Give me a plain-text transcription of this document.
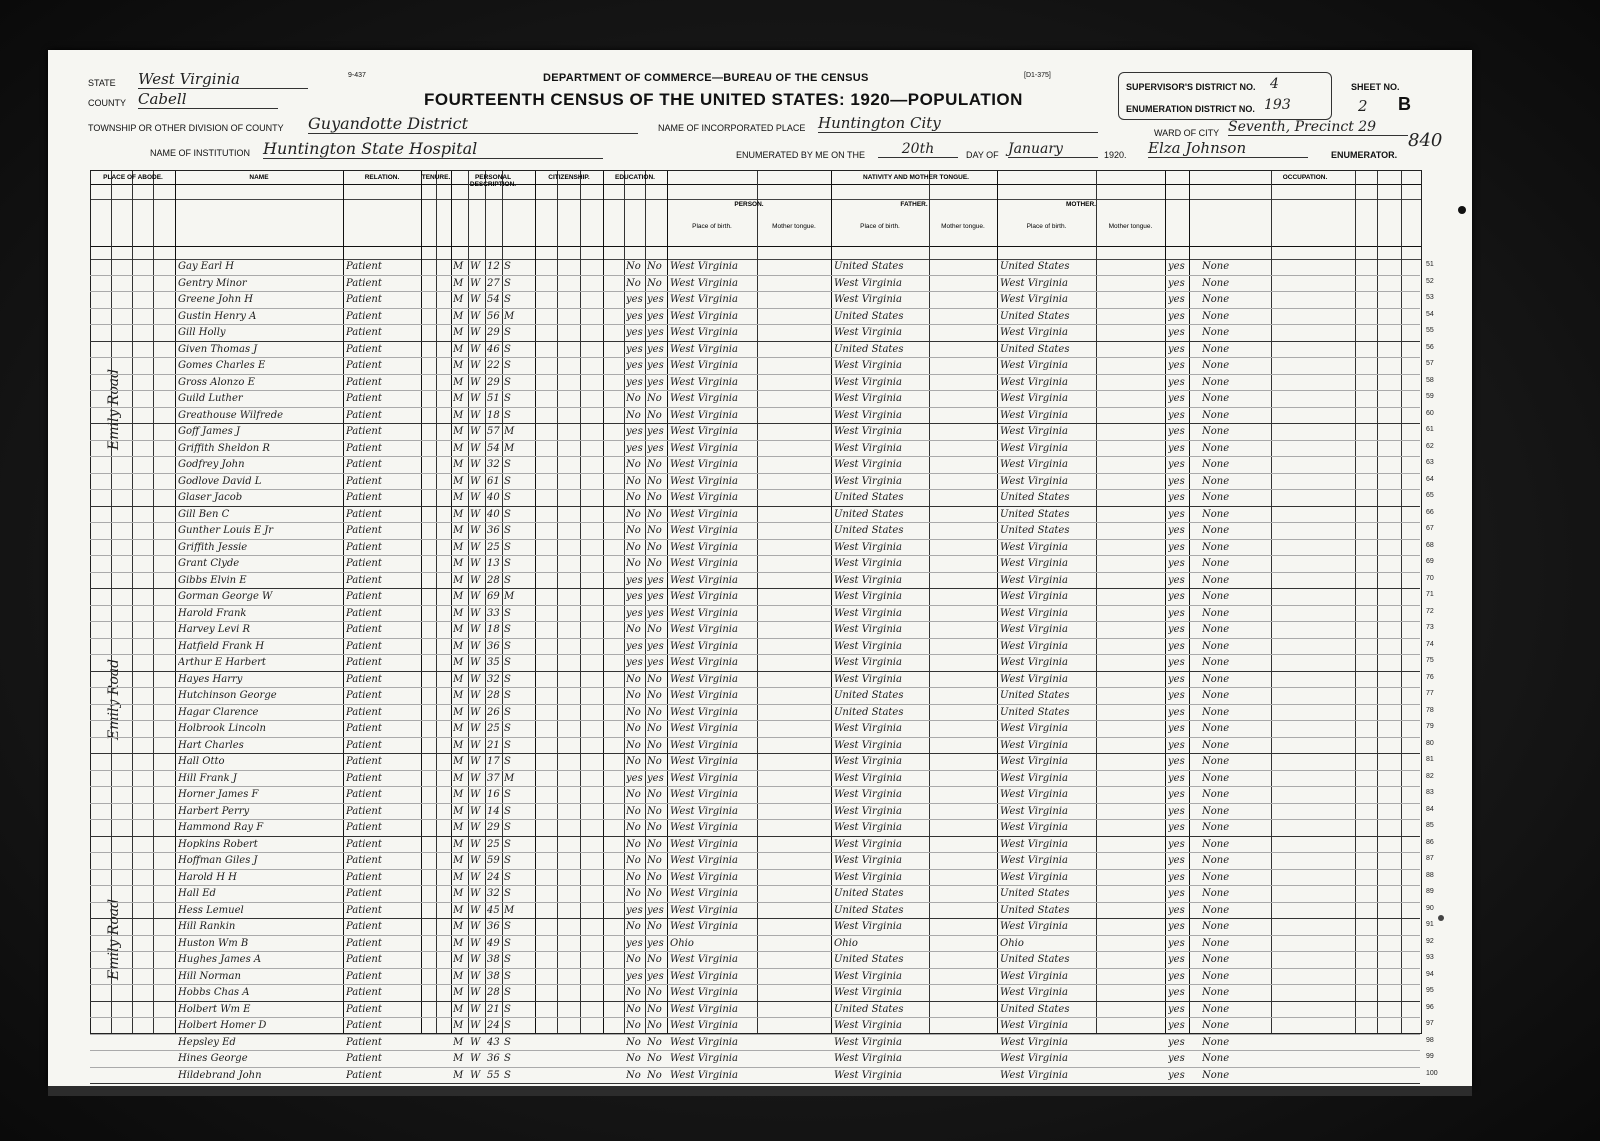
STATE West Virginia
COUNTY Cabell
TOWNSHIP OR OTHER DIVISION OF COUNTY Guyandotte District
NAME OF INSTITUTION Huntington State Hospital
9-437	DEPARTMENT OF COMMERCE—BUREAU OF THE CENSUS	[D1-375]
FOURTEENTH CENSUS OF THE UNITED STATES: 1920—POPULATION
NAME OF INCORPORATED PLACE Huntington City
ENUMERATED BY ME ON THE	20th	DAY OF January	1920. Elza Johnson	ENUMERATOR.
SUPERVISOR'S DISTRICT NO. 4
ENUMERATION DISTRICT NO. 193
SHEET NO.
2 B
WARD OF CITY Seventh, Precinct 29
840
PLACE OF ABODE.	NAME	RELATION.	TENURE.	PERSONAL DESCRIPTION.
CITIZENSHIP.	EDUCATION.	NATIVITY AND MOTHER TONGUE.
PERSON.	FATHER.	MOTHER.
Place of birth.	Mother tongue.	Place of birth.	Mother tongue.	Place of birth.	Mother tongue.
OCCUPATION.
Emily Road
Emily Road
Emily Road
51
Gay Earl H	Patient	M W 12 S	No No West Virginia	United States	United States	yes	None
52
Gentry Minor	Patient	M W 27 S	No No West Virginia	West Virginia	West Virginia	yes	None
53
Greene John H	Patient	M W 54 S	yes yes West Virginia	West Virginia	West Virginia	yes	None
54
Gustin Henry A	Patient	M W 56 M	yes yes West Virginia	United States	United States	yes	None
55
Gill Holly	Patient	M W 29 S	yes yes West Virginia	West Virginia	West Virginia	yes	None
56
Given Thomas J	Patient	M W 46 S	yes yes West Virginia	United States	United States	yes	None
57
Gomes Charles E	Patient	M W 22 S	yes yes West Virginia	West Virginia	West Virginia	yes	None
58
Gross Alonzo E	Patient	M W 29 S	yes yes West Virginia	West Virginia	West Virginia	yes	None
59
Guild Luther	Patient	M W 51 S	No No West Virginia	West Virginia	West Virginia	yes	None
60
Greathouse Wilfrede	Patient	M W 18 S	No No West Virginia	West Virginia	West Virginia	yes	None
61
Goff James J	Patient	M W 57 M	yes yes West Virginia	West Virginia	West Virginia	yes	None
62
Griffith Sheldon R	Patient	M W 54 M	yes yes West Virginia	West Virginia	West Virginia	yes	None
63
Godfrey John	Patient	M W 32 S	No No West Virginia	West Virginia	West Virginia	yes	None
64
Godlove David L	Patient	M W 61 S	No No West Virginia	West Virginia	West Virginia	yes	None
65
Glaser Jacob	Patient	M W 40 S	No No West Virginia	United States	United States	yes	None
66
Gill Ben C	Patient	M W 40 S	No No West Virginia	United States	United States	yes	None
67
Gunther Louis E Jr	Patient	M W 36 S	No No West Virginia	United States	United States	yes	None
68
Griffith Jessie	Patient	M W 25 S	No No West Virginia	West Virginia	West Virginia	yes	None
69
Grant Clyde	Patient	M W 13 S	No No West Virginia	West Virginia	West Virginia	yes	None
70
Gibbs Elvin E	Patient	M W 28 S	yes yes West Virginia	West Virginia	West Virginia	yes	None
71
Gorman George W	Patient	M W 69 M	yes yes West Virginia	West Virginia	West Virginia	yes	None
72
Harold Frank	Patient	M W 33 S	yes yes West Virginia	West Virginia	West Virginia	yes	None
73
Harvey Levi R	Patient	M W 18 S	No No West Virginia	West Virginia	West Virginia	yes	None
74
Hatfield Frank H	Patient	M W 36 S	yes yes West Virginia	West Virginia	West Virginia	yes	None
75
Arthur E Harbert	Patient	M W 35 S	yes yes West Virginia	West Virginia	West Virginia	yes	None
76
Hayes Harry	Patient	M W 32 S	No No West Virginia	West Virginia	West Virginia	yes	None
77
Hutchinson George	Patient	M W 28 S	No No West Virginia	United States	United States	yes	None
78
Hagar Clarence	Patient	M W 26 S	No No West Virginia	United States	United States	yes	None
79
Holbrook Lincoln	Patient	M W 25 S	No No West Virginia	West Virginia	West Virginia	yes	None
80
Hart Charles	Patient	M W 21 S	No No West Virginia	West Virginia	West Virginia	yes	None
81
Hall Otto	Patient	M W 17 S	No No West Virginia	West Virginia	West Virginia	yes	None
82
Hill Frank J	Patient	M W 37 M	yes yes West Virginia	West Virginia	West Virginia	yes	None
83
Horner James F	Patient	M W 16 S	No No West Virginia	West Virginia	West Virginia	yes	None
84
Harbert Perry	Patient	M W 14 S	No No West Virginia	West Virginia	West Virginia	yes	None
85
Hammond Ray F	Patient	M W 29 S	No No West Virginia	West Virginia	West Virginia	yes	None
86
Hopkins Robert	Patient	M W 25 S	No No West Virginia	West Virginia	West Virginia	yes	None
87
Hoffman Giles J	Patient	M W 59 S	No No West Virginia	West Virginia	West Virginia	yes	None
88
Harold H H	Patient	M W 24 S	No No West Virginia	West Virginia	West Virginia	yes	None
89
Hall Ed	Patient	M W 32 S	No No West Virginia	United States	United States	yes	None
90
Hess Lemuel	Patient	M W 45 M	yes yes West Virginia	United States	United States	yes	None
91
Hill Rankin	Patient	M W 36 S	No No West Virginia	West Virginia	West Virginia	yes	None
92
Huston Wm B	Patient	M W 49 S	yes yes Ohio	Ohio	Ohio	yes	None
93
Hughes James A	Patient	M W 38 S	No No West Virginia	United States	United States	yes	None
94
Hill Norman	Patient	M W 38 S	yes yes West Virginia	West Virginia	West Virginia	yes	None
95
Hobbs Chas A	Patient	M W 28 S	No No West Virginia	West Virginia	West Virginia	yes	None
96
Holbert Wm E	Patient	M W 21 S	No No West Virginia	United States	United States	yes	None
97
Holbert Homer D	Patient	M W 24 S	No No West Virginia	West Virginia	West Virginia	yes	None
98
Hepsley Ed	Patient	M W 43 S	No No West Virginia	West Virginia	West Virginia	yes	None
99
Hines George	Patient	M W 36 S	No No West Virginia	West Virginia	West Virginia	yes	None
100
Hildebrand John	Patient	M W 55 S	No No West Virginia	West Virginia	West Virginia	yes	None
